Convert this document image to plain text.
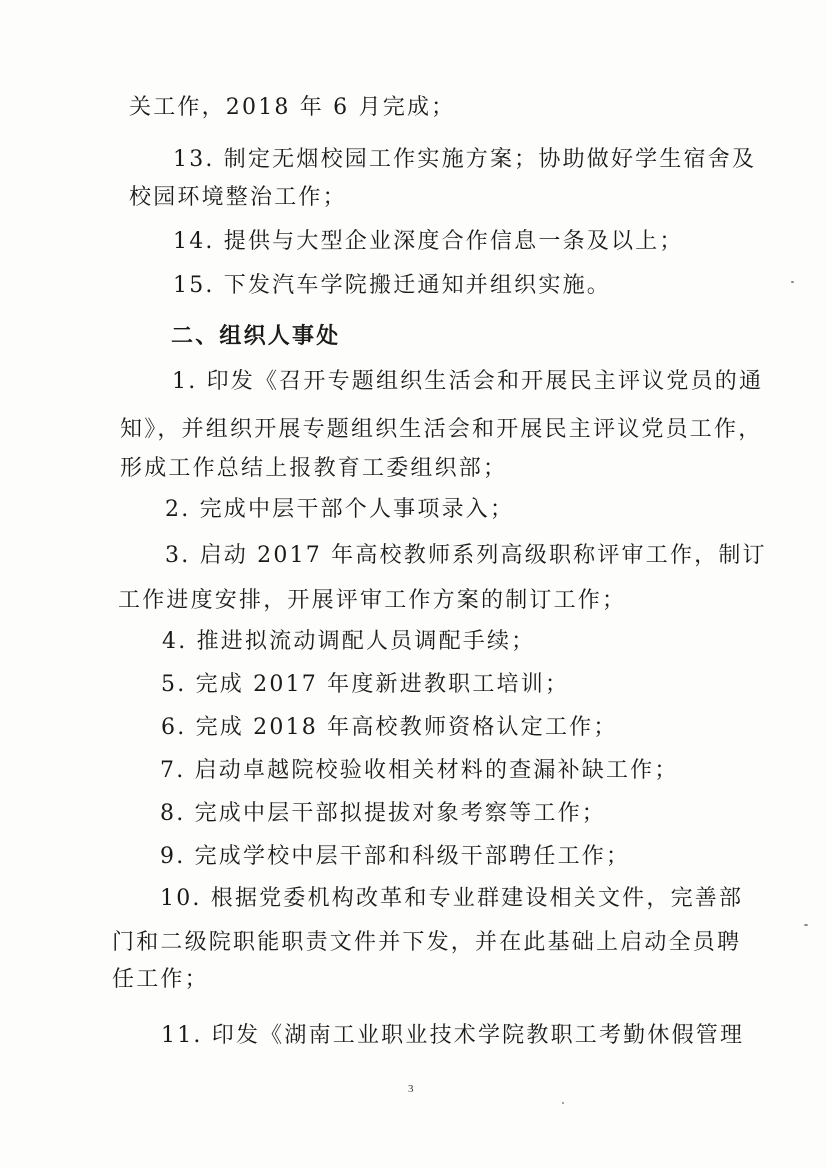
关工作，2018 年 6 月完成；
13. 制定无烟校园工作实施方案；协助做好学生宿舍及
校园环境整治工作；
14. 提供与大型企业深度合作信息一条及以上；
15. 下发汽车学院搬迁通知并组织实施。
二、组织人事处
1. 印发《召开专题组织生活会和开展民主评议党员的通
知》，并组织开展专题组织生活会和开展民主评议党员工作，
形成工作总结上报教育工委组织部；
2. 完成中层干部个人事项录入；
3. 启动 2017 年高校教师系列高级职称评审工作，制订
工作进度安排，开展评审工作方案的制订工作；
4. 推进拟流动调配人员调配手续；
5. 完成 2017 年度新进教职工培训；
6. 完成 2018 年高校教师资格认定工作；
7. 启动卓越院校验收相关材料的查漏补缺工作；
8. 完成中层干部拟提拔对象考察等工作；
9. 完成学校中层干部和科级干部聘任工作；
10. 根据党委机构改革和专业群建设相关文件，完善部
门和二级院职能职责文件并下发，并在此基础上启动全员聘
任工作；
11. 印发《湖南工业职业技术学院教职工考勤休假管理
3
